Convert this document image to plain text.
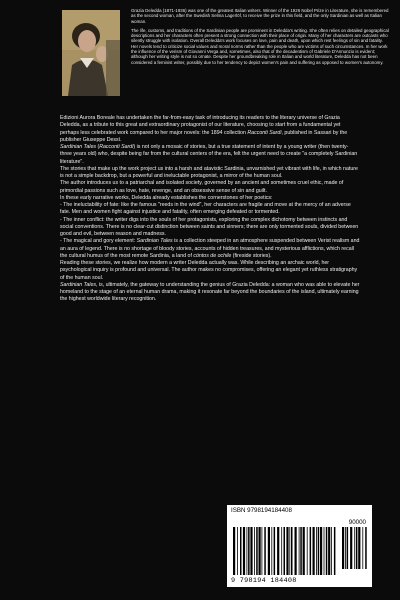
Grazia Deledda (1871-1936) was one of the greatest Italian writers. Winner of the 1926 Nobel Prize in Literature, she is remembered as the second woman, after the Swedish Selma Lagerlöf, to receive the prize in this field, and the only Sardinian as well as Italian woman.

The life, customs, and traditions of the Sardinian people are prominent in Deledda's writing. She often relies on detailed geographical descriptions and her characters often present a strong connection with their place of origin. Many of her characters are outcasts who silently struggle with isolation. Overall Deledda's work focuses on love, pain and death, upon which rest feelings of sin and fatality. Her novels tend to criticize social values and moral norms rather than the people who are victims of such circumstances. In her work the influence of the verism of Giovanni Verga and, sometimes, also that of the decadentism of Gabriele D'Annunzio is evident; although her writing style is not so ornate. Despite her groundbreaking role in Italian and world literature, Deledda has not been considered a feminist writer, possibly due to her tendency to depict women's pain and suffering as opposed to women's autonomy.

Edizioni Aurora Boreale has undertaken the far-from-easy task of introducing its readers to the literary universe of Grazia Deledda, as a tribute to this great and extraordinary protagonist of our literature, choosing to start from a fundamental yet perhaps less celebrated work compared to her major novels: the 1894 collection Racconti Sardi, published in Sassari by the publisher Giuseppe Dessì.

Sardinian Tales (Racconti Sardi) is not only a mosaic of stories, but a true statement of intent by a young writer (then twenty-three years old) who, despite being far from the cultural centers of the era, felt the urgent need to create "a completely Sardinian literature".

The stories that make up the work project us into a harsh and atavistic Sardinia, unvarnished yet vibrant with life, in which nature is not a simple backdrop, but a powerful and ineluctable protagonist, a mirror of the human soul.

The author introduces us to a patriarchal and isolated society, governed by an ancient and sometimes cruel ethic, made of primordial passions such as love, hate, revenge, and an obsessive sense of sin and guilt.

In these early narrative works, Deledda already establishes the cornerstones of her poetics:

- The ineluctability of fate: like the famous "reeds in the wind", her characters are fragile and move at the mercy of an adverse fate. Men and women fight against injustice and fatality, often emerging defeated or tormented.

- The inner conflict: the writer digs into the souls of her protagonists, exploring the complex dichotomy between instincts and social conventions. There is no clear-cut distinction between saints and sinners; there are only tormented souls, divided between good and evil, between reason and madness.

- The magical and gory element: Sardinian Tales is a collection steeped in an atmosphere suspended between Verist realism and an aura of legend. There is no shortage of bloody stories, accounts of hidden treasures, and mysterious afflictions, which recall the cultural humus of the most remote Sardinia, a land of cóntos de ochile (fireside stories).

Reading these stories, we realize how modern a writer Deledda actually was. While describing an archaic world, her psychological inquiry is profound and universal. The author makes no compromises, offering an elegant yet ruthless stratigraphy of the human soul.

Sardinian Tales, is, ultimately, the gateway to understanding the genius of Grazia Deledda: a woman who was able to elevate her homeland to the stage of an eternal human drama, making it resonate far beyond the boundaries of the island, ultimately earning the highest worldwide literary recognition.

ISBN 9798194184408
90000
9 798194 184408
